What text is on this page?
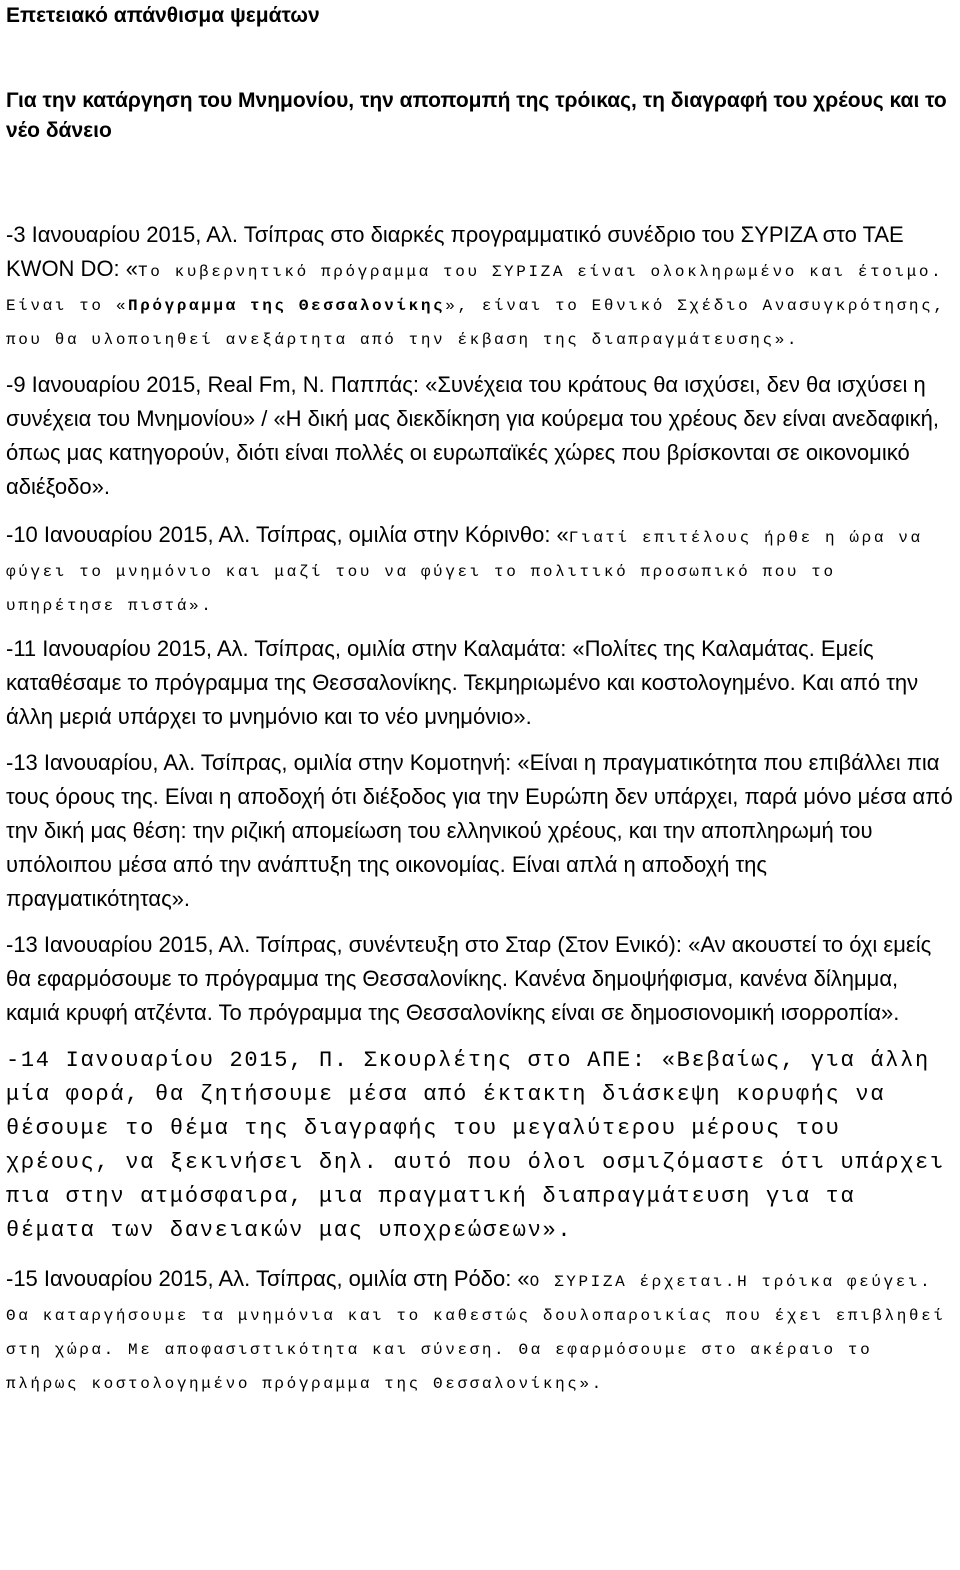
Επετειακό απάνθισμα ψεμάτων
Για την κατάργηση του Μνημονίου, την αποπομπή της τρόικας, τη διαγραφή του χρέους και το νέο δάνειο

-3 Ιανουαρίου 2015, Αλ. Τσίπρας στο διαρκές προγραμματικό συνέδριο του ΣΥΡΙΖΑ στο ΤΑΕ KWON DO: «Το κυβερνητικό πρόγραμμα του ΣΥΡΙΖΑ είναι ολοκληρωμένο και έτοιμο. Είναι το «Πρόγραμμα της Θεσσαλονίκης», είναι το Εθνικό Σχέδιο Ανασυγκρότησης, που θα υλοποιηθεί ανεξάρτητα από την έκβαση της διαπραγμάτευσης».

-9 Ιανουαρίου 2015, Real Fm, Ν. Παππάς: «Συνέχεια του κράτους θα ισχύσει, δεν θα ισχύσει η συνέχεια του Μνημονίου» / «Η δική μας διεκδίκηση για κούρεμα του χρέους δεν είναι ανεδαφική, όπως μας κατηγορούν, διότι είναι πολλές οι ευρωπαϊκές χώρες που βρίσκονται σε οικονομικό αδιέξοδο».

-10 Ιανουαρίου 2015, Αλ. Τσίπρας, ομιλία στην Κόρινθο: «Γιατί επιτέλους ήρθε η ώρα να φύγει το μνημόνιο και μαζί του να φύγει το πολιτικό προσωπικό που το υπηρέτησε πιστά».

-11 Ιανουαρίου 2015, Αλ. Τσίπρας, ομιλία στην Καλαμάτα: «Πολίτες της Καλαμάτας. Εμείς καταθέσαμε το πρόγραμμα της Θεσσαλονίκης. Τεκμηριωμένο και κοστολογημένο. Και από την άλλη μεριά υπάρχει το μνημόνιο και το νέο μνημόνιο».

-13 Ιανουαρίου, Αλ. Τσίπρας, ομιλία στην Κομοτηνή: «Είναι η πραγματικότητα που επιβάλλει πια τους όρους της. Είναι η αποδοχή ότι διέξοδος για την Ευρώπη δεν υπάρχει, παρά μόνο μέσα από την δική μας θέση: την ριζική απομείωση του ελληνικού χρέους, και την αποπληρωμή του υπόλοιπου μέσα από την ανάπτυξη της οικονομίας. Είναι απλά η αποδοχή της πραγματικότητας».

-13 Ιανουαρίου 2015, Αλ. Τσίπρας, συνέντευξη στο Σταρ (Στον Ενικό): «Αν ακουστεί το όχι εμείς θα εφαρμόσουμε το πρόγραμμα της Θεσσαλονίκης. Κανένα δημοψήφισμα, κανένα δίλημμα, καμιά κρυφή ατζέντα. Το πρόγραμμα της Θεσσαλονίκης είναι σε δημοσιονομική ισορροπία».

-14 Ιανουαρίου 2015, Π. Σκουρλέτης στο ΑΠΕ: «Βεβαίως, για άλλη μία φορά, θα ζητήσουμε μέσα από έκτακτη διάσκεψη κορυφής να θέσουμε το θέμα της διαγραφής του μεγαλύτερου μέρους του χρέους, να ξεκινήσει δηλ. αυτό που όλοι οσμιζόμαστε ότι υπάρχει πια στην ατμόσφαιρα, μια πραγματική διαπραγμάτευση για τα θέματα των δανειακών μας υποχρεώσεων».

-15 Ιανουαρίου 2015, Αλ. Τσίπρας, ομιλία στη Ρόδο: «Ο ΣΥΡΙΖΑ έρχεται.Η τρόικα φεύγει. Θα καταργήσουμε τα μνημόνια και το καθεστώς δουλοπαροικίας που έχει επιβληθεί στη χώρα. Με αποφασιστικότητα και σύνεση. Θα εφαρμόσουμε στο ακέραιο το πλήρως κοστολογημένο πρόγραμμα της Θεσσαλονίκης».
